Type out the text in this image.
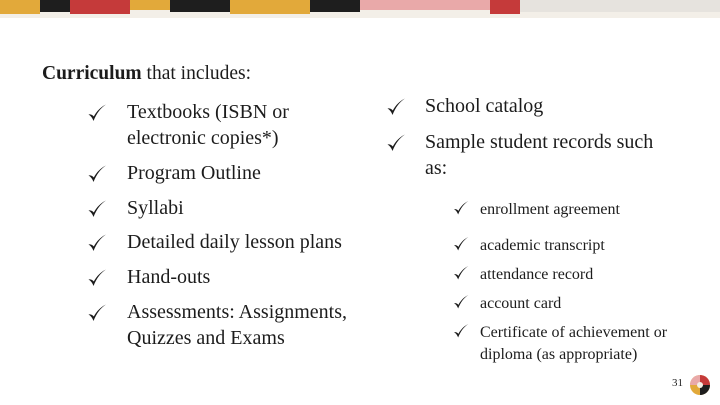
Curriculum that includes:
Textbooks (ISBN or
electronic copies*)
Program Outline
Syllabi
Detailed daily lesson plans
Hand-outs
Assessments: Assignments,
Quizzes and Exams
School catalog
Sample student records such
as:
enrollment agreement
academic transcript
attendance record
account card
Certificate of achievement or
diploma (as appropriate)
31
